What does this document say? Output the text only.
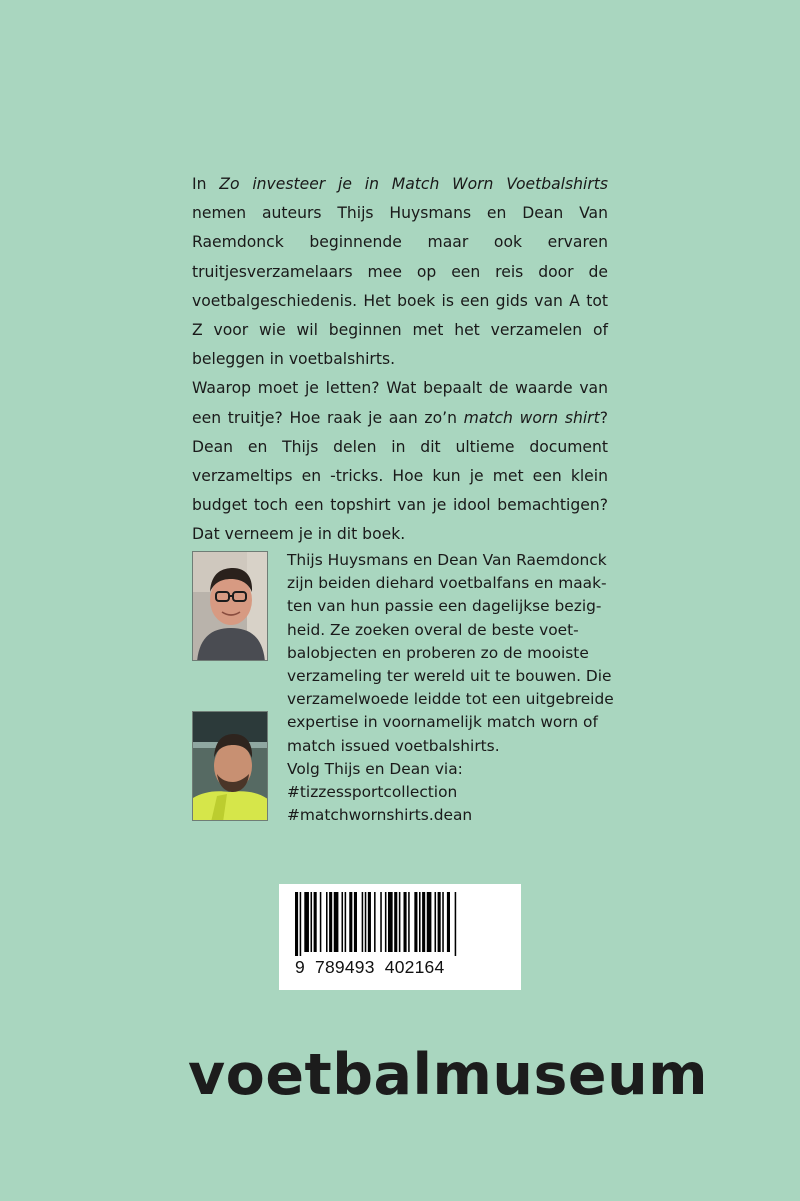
In Zo investeer je in Match Worn Voetbalshirts nemen auteurs Thijs Huysmans en Dean Van Raemdonck beginnende maar ook ervaren truitjesverzamelaars mee op een reis door de voetbalgeschiedenis. Het boek is een gids van A tot Z voor wie wil beginnen met het verzamelen of beleggen in voetbalshirts.

Waarop moet je letten? Wat bepaalt de waarde van een truitje? Hoe raak je aan zo’n match worn shirt? Dean en Thijs delen in dit ultieme document verzameltips en -tricks. Hoe kun je met een klein budget toch een topshirt van je idool bemachtigen? Dat verneem je in dit boek.

Thijs Huysmans en Dean Van Raemdonck zijn beiden diehard voetbalfans en maakten van hun passie een dagelijkse bezigheid. Ze zoeken overal de beste voetbalobjecten en proberen zo de mooiste verzameling ter wereld uit te bouwen. Die verzamelwoede leidde tot een uitgebreide expertise in voornamelijk match worn of match issued voetbalshirts.

Volg Thijs en Dean via:

#tizzessportcollection

#matchwornshirts.dean

9  789493  402164
voetbalmuseum
